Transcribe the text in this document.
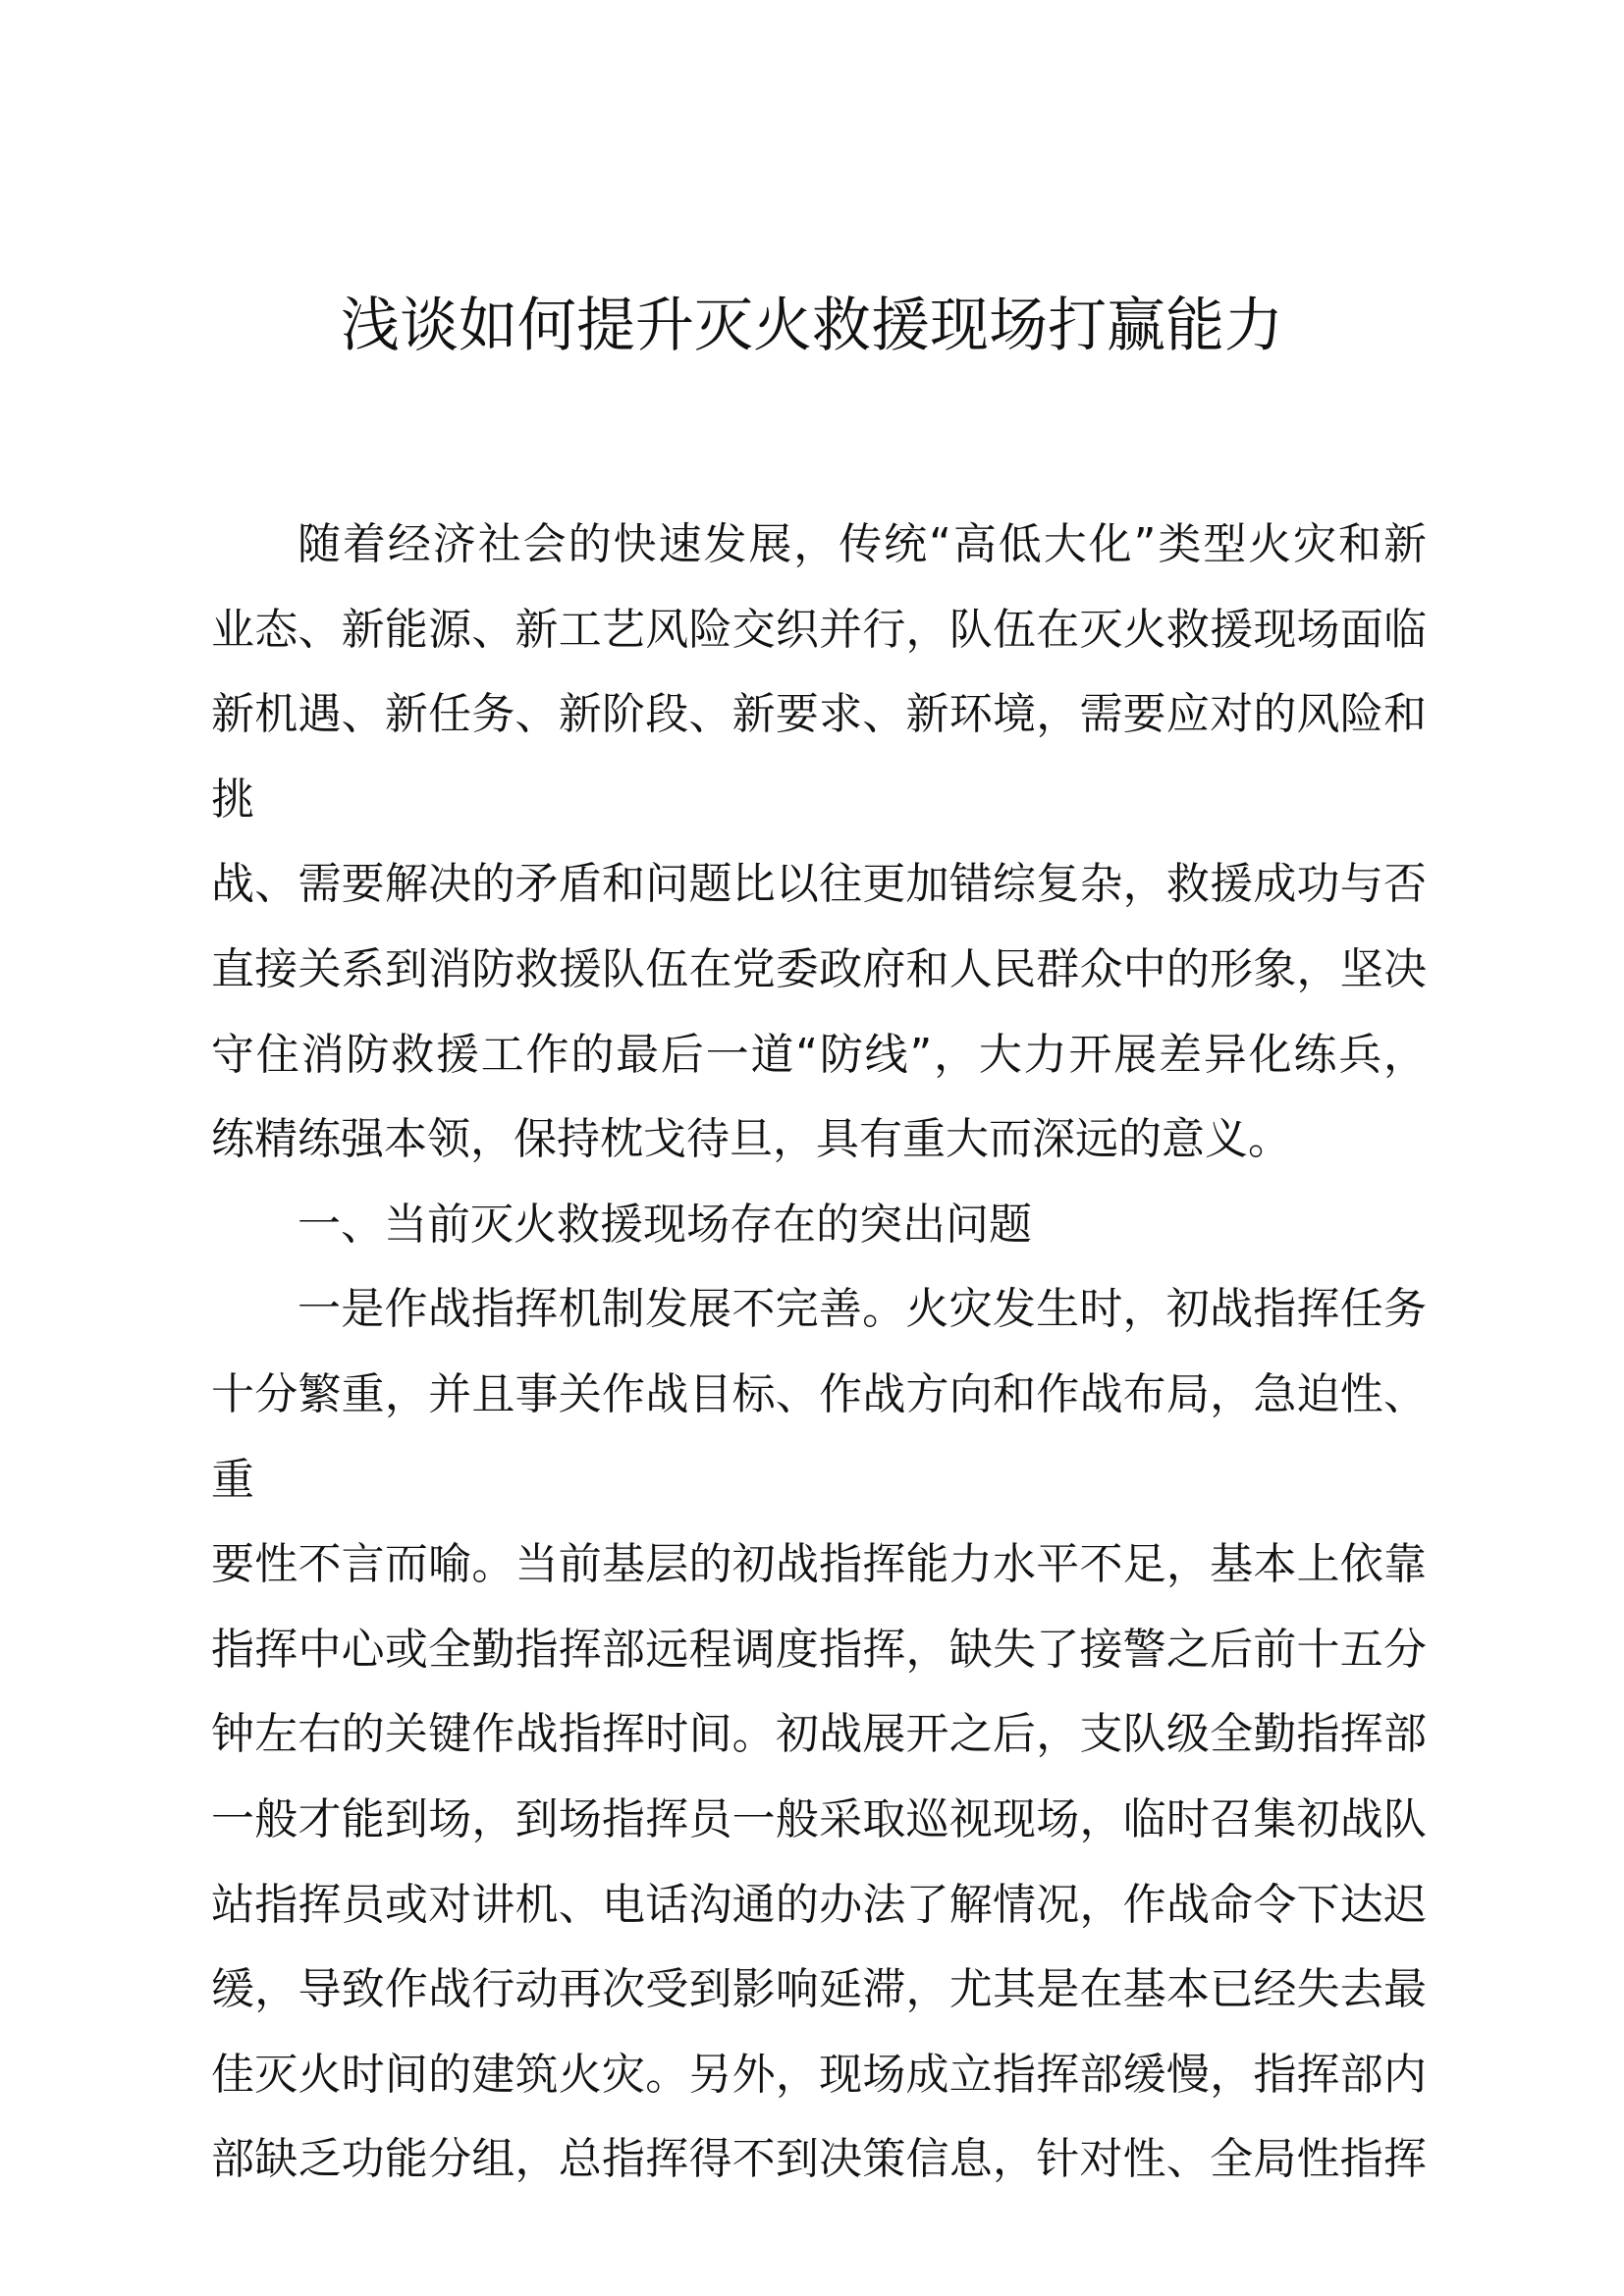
浅谈如何提升灭火救援现场打赢能力
随着经济社会的快速发展，传统“高低大化”类型火灾和新
业态、新能源、新工艺风险交织并行，队伍在灭火救援现场面临
新机遇、新任务、新阶段、新要求、新环境，需要应对的风险和挑
战、需要解决的矛盾和问题比以往更加错综复杂，救援成功与否
直接关系到消防救援队伍在党委政府和人民群众中的形象，坚决
守住消防救援工作的最后一道“防线”，大力开展差异化练兵，
练精练强本领，保持枕戈待旦，具有重大而深远的意义。
一、当前灭火救援现场存在的突出问题
一是作战指挥机制发展不完善。火灾发生时，初战指挥任务
十分繁重，并且事关作战目标、作战方向和作战布局，急迫性、重
要性不言而喻。当前基层的初战指挥能力水平不足，基本上依靠
指挥中心或全勤指挥部远程调度指挥，缺失了接警之后前十五分
钟左右的关键作战指挥时间。初战展开之后，支队级全勤指挥部
一般才能到场，到场指挥员一般采取巡视现场，临时召集初战队
站指挥员或对讲机、电话沟通的办法了解情况，作战命令下达迟
缓，导致作战行动再次受到影响延滞，尤其是在基本已经失去最
佳灭火时间的建筑火灾。另外，现场成立指挥部缓慢，指挥部内
部缺乏功能分组，总指挥得不到决策信息，针对性、全局性指挥
